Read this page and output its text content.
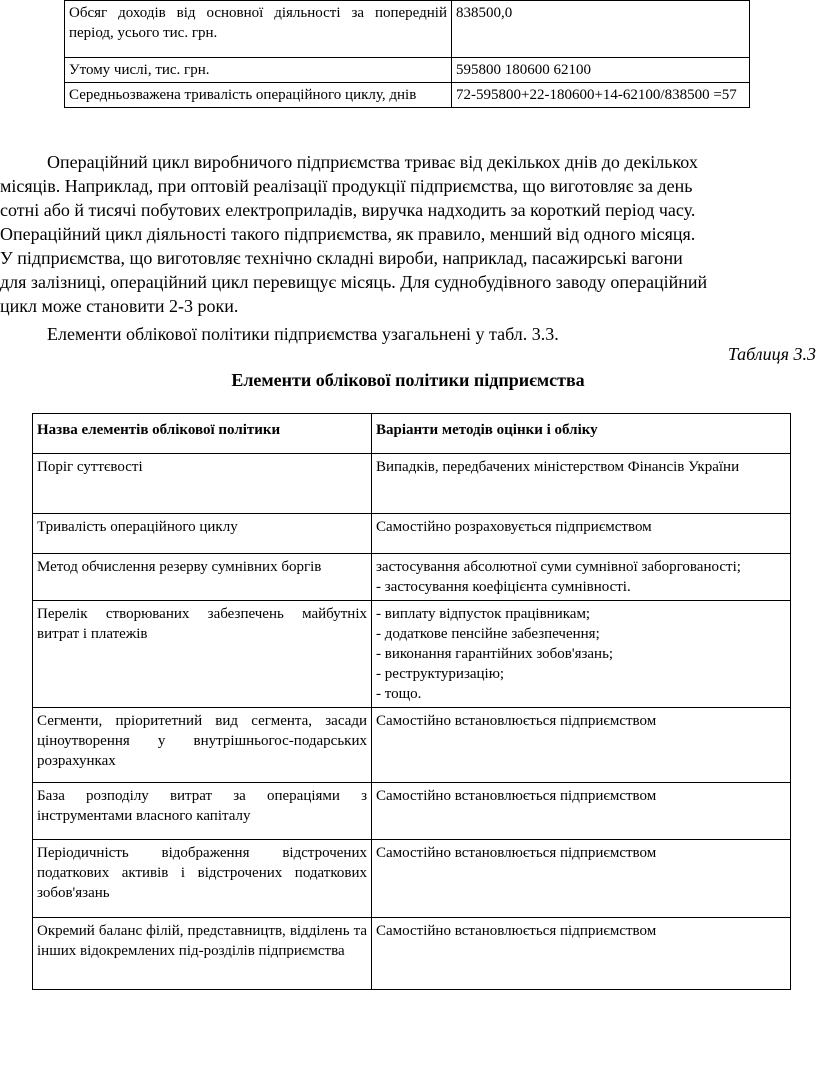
Обсяг доходів від основної діяльності за попередній період, усього тис. грн.	838500,0
Утому числі, тис. грн.	595800 180600 62100
Середньозважена тривалість операційного циклу, днів	72-595800+22-180600+14-62100/838500 =57
Операційний цикл виробничого підприємства триває від декількох днів до декількох
місяців. Наприклад, при оптовій реалізації продукції підприємства, що виготовляє за день
сотні або й тисячі побутових електроприладів, виручка надходить за короткий період часу.
Операційний цикл діяльності такого підприємства, як правило, менший від одного місяця.
У підприємства, що виготовляє технічно складні вироби, наприклад, пасажирські вагони
для залізниці, операційний цикл перевищує місяць. Для суднобудівного заводу операційний
цикл може становити 2-3 роки.
Елементи облікової політики підприємства узагальнені у табл. 3.3.
Таблиця 3.3
Елементи облікової політики підприємства
Назва елементів облікової політики	Варіанти методів оцінки і обліку
Поріг суттєвості	Випадків, передбачених міністерством Фінансів України
Тривалість операційного циклу	Самостійно розраховується підприємством
Метод обчислення резерву сумнівних боргів	застосування абсолютної суми сумнівної заборгованості;
- застосування коефіцієнта сумнівності.

Перелік створюваних забезпечень майбутніх витрат і платежів	- виплату відпусток працівникам;
- додаткове пенсійне забезпечення;
- виконання гарантійних зобов'язань;
- реструктуризацію;
- тощо.

Сегменти, пріоритетний вид сегмента, засади ціноутворення у внутрішньогос-подарських розрахунках	Самостійно встановлюється підприємством
База розподілу витрат за операціями з інструментами власного капіталу	Самостійно встановлюється підприємством
Періодичність відображення відстрочених податкових активів і відстрочених податкових зобов'язань	Самостійно встановлюється підприємством
Окремий баланс філій, представництв, відділень та інших відокремлених під-розділів підприємства	Самостійно встановлюється підприємством
